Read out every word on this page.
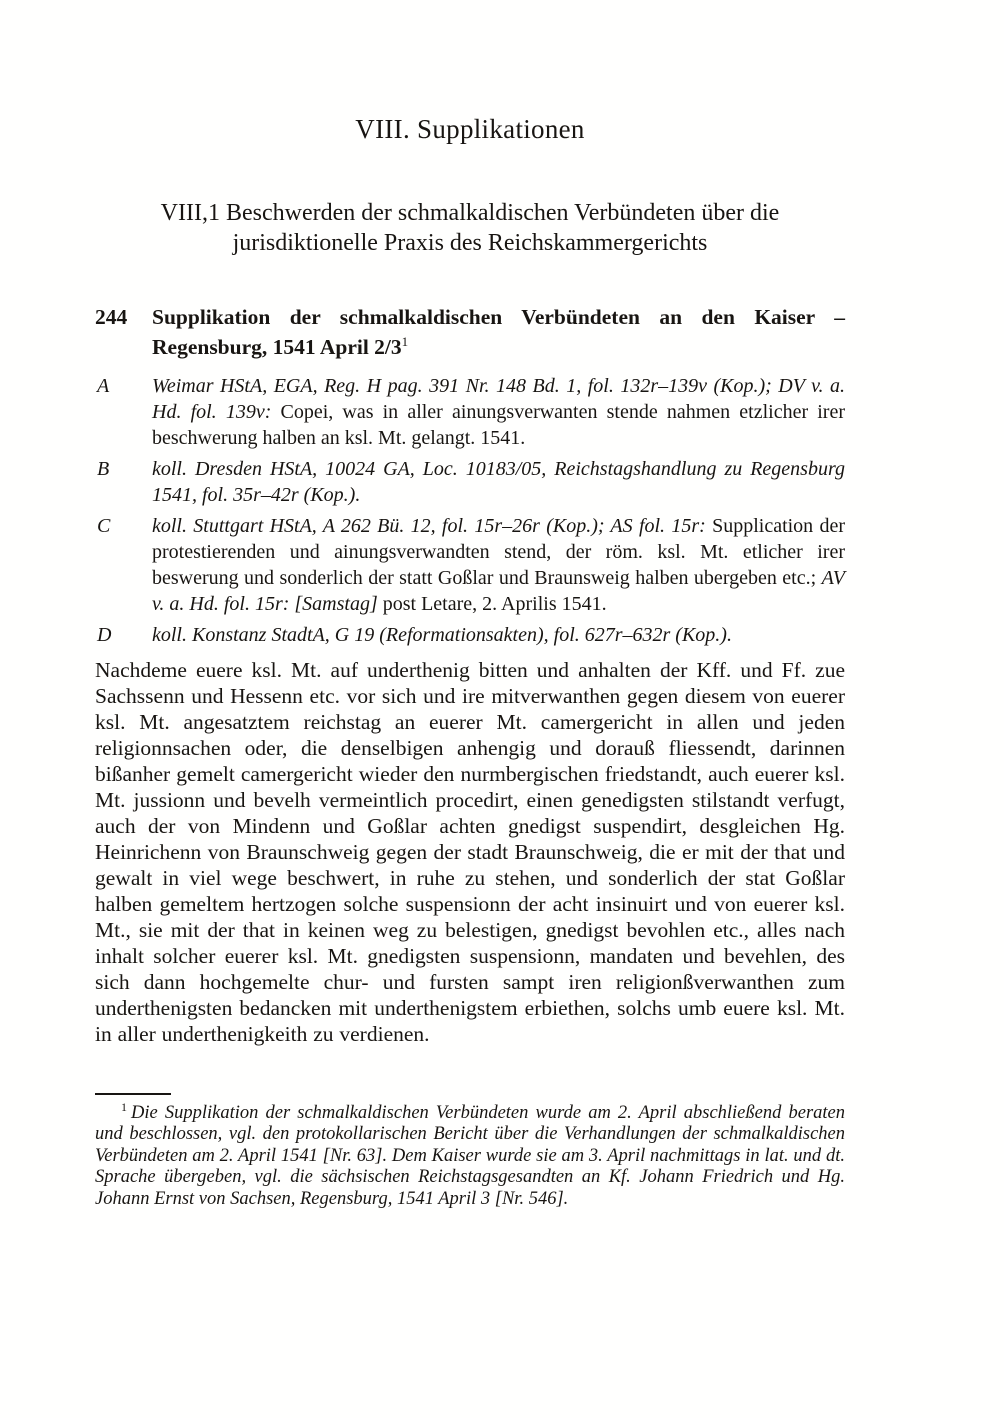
VIII. Supplikationen
VIII,1 Beschwerden der schmalkaldischen Verbündeten über die jurisdiktionelle Praxis des Reichskammergerichts
244 Supplikation der schmalkaldischen Verbündeten an den Kaiser – Regensburg, 1541 April 2/3$^1$
A Weimar HStA, EGA, Reg. H pag. 391 Nr. 148 Bd. 1, fol. 132r–139v (Kop.); DV v. a. Hd. fol. 139v: Copei, was in aller ainungsverwanten stende nahmen etzlicher irer beschwerung halben an ksl. Mt. gelangt. 1541.
B koll. Dresden HStA, 10024 GA, Loc. 10183/05, Reichstagshandlung zu Regensburg 1541, fol. 35r–42r (Kop.).
C koll. Stuttgart HStA, A 262 Bü. 12, fol. 15r–26r (Kop.); AS fol. 15r: Supplication der protestierenden und ainungsverwandten stend, der röm. ksl. Mt. etlicher irer beswerung und sonderlich der statt Goßlar und Braunsweig halben ubergeben etc.; AV v. a. Hd. fol. 15r: [Samstag] post Letare, 2. Aprilis 1541.
D koll. Konstanz StadtA, G 19 (Reformationsakten), fol. 627r–632r (Kop.).

Nachdeme euere ksl. Mt. auf underthenig bitten und anhalten der Kff. und Ff. zue Sachssenn und Hessenn etc. vor sich und ire mitverwanthen gegen diesem von euerer ksl. Mt. angesatztem reichstag an euerer Mt. camergericht in allen und jeden religionnsachen oder, die denselbigen anhengig und dorauß fliessendt, darinnen bißanher gemelt camergericht wieder den nurmbergischen friedstandt, auch euerer ksl. Mt. jussionn und bevelh vermeintlich procedirt, einen genedigsten stilstandt verfugt, auch der von Mindenn und Goßlar achten gnedigst suspendirt, desgleichen Hg. Heinrichenn von Braunschweig gegen der stadt Braunschweig, die er mit der that und gewalt in viel wege beschwert, in ruhe zu stehen, und sonderlich der stat Goßlar halben gemeltem hertzogen solche suspensionn der acht insinuirt und von euerer ksl. Mt., sie mit der that in keinen weg zu belestigen, gnedigst bevohlen etc., alles nach inhalt solcher euerer ksl. Mt. gnedigsten suspensionn, mandaten und bevehlen, des sich dann hochgemelte chur- und fursten sampt iren religionßverwanthen zum underthenigsten bedancken mit underthenigstem erbiethen, solchs umb euere ksl. Mt. in aller underthenigkeith zu verdienen.

$^1$ Die Supplikation der schmalkaldischen Verbündeten wurde am 2. April abschließend beraten und beschlossen, vgl. den protokollarischen Bericht über die Verhandlungen der schmalkaldischen Verbündeten am 2. April 1541 [Nr. 63]. Dem Kaiser wurde sie am 3. April nachmittags in lat. und dt. Sprache übergeben, vgl. die sächsischen Reichstagsgesandten an Kf. Johann Friedrich und Hg. Johann Ernst von Sachsen, Regensburg, 1541 April 3 [Nr. 546].
